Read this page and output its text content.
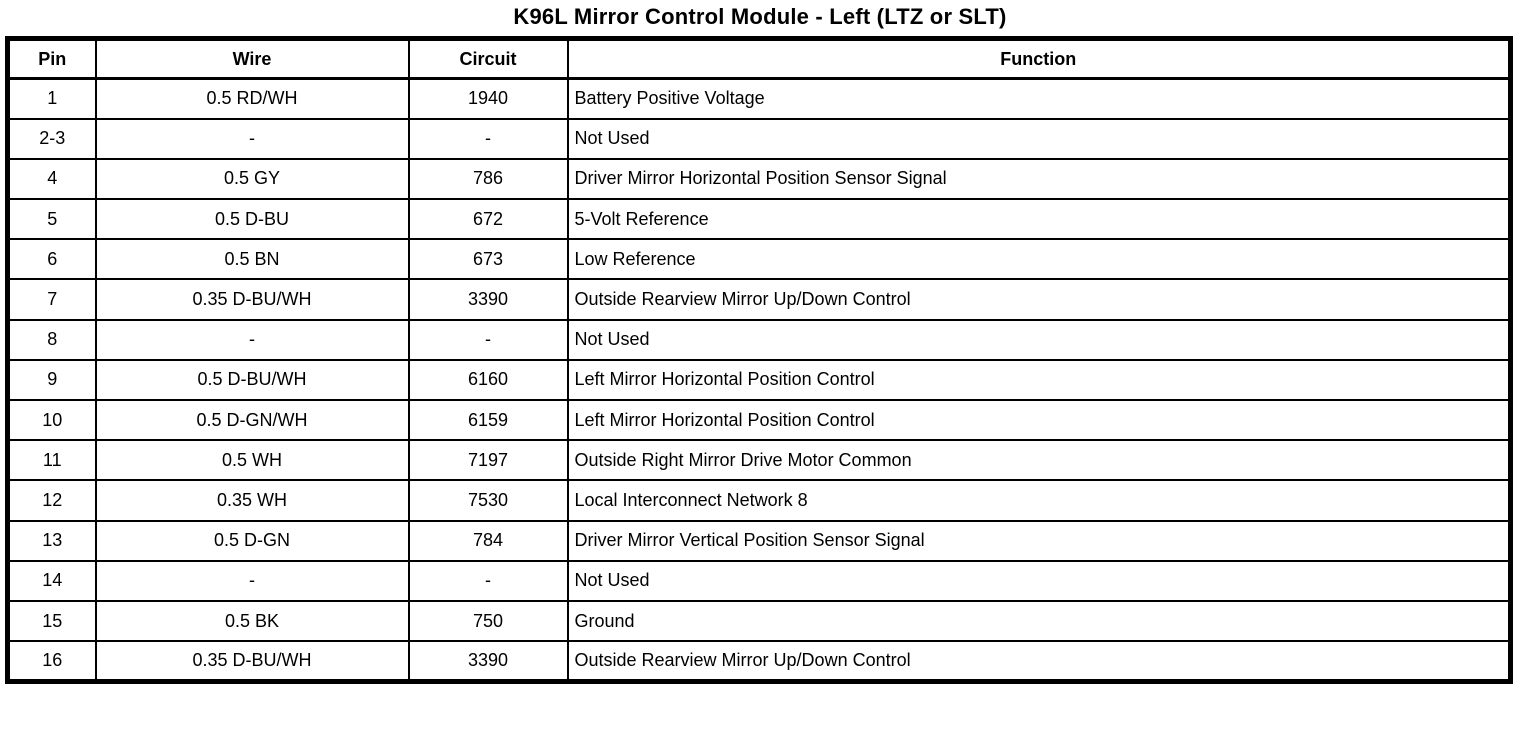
K96L Mirror Control Module - Left (LTZ or SLT)
Pin	Wire	Circuit	Function
1	0.5 RD/WH	1940	Battery Positive Voltage
2-3	-	-	Not Used
4	0.5 GY	786	Driver Mirror Horizontal Position Sensor Signal
5	0.5 D-BU	672	5-Volt Reference
6	0.5 BN	673	Low Reference
7	0.35 D-BU/WH	3390	Outside Rearview Mirror Up/Down Control
8	-	-	Not Used
9	0.5 D-BU/WH	6160	Left Mirror Horizontal Position Control
10	0.5 D-GN/WH	6159	Left Mirror Horizontal Position Control
11	0.5 WH	7197	Outside Right Mirror Drive Motor Common
12	0.35 WH	7530	Local Interconnect Network 8
13	0.5 D-GN	784	Driver Mirror Vertical Position Sensor Signal
14	-	-	Not Used
15	0.5 BK	750	Ground
16	0.35 D-BU/WH	3390	Outside Rearview Mirror Up/Down Control
